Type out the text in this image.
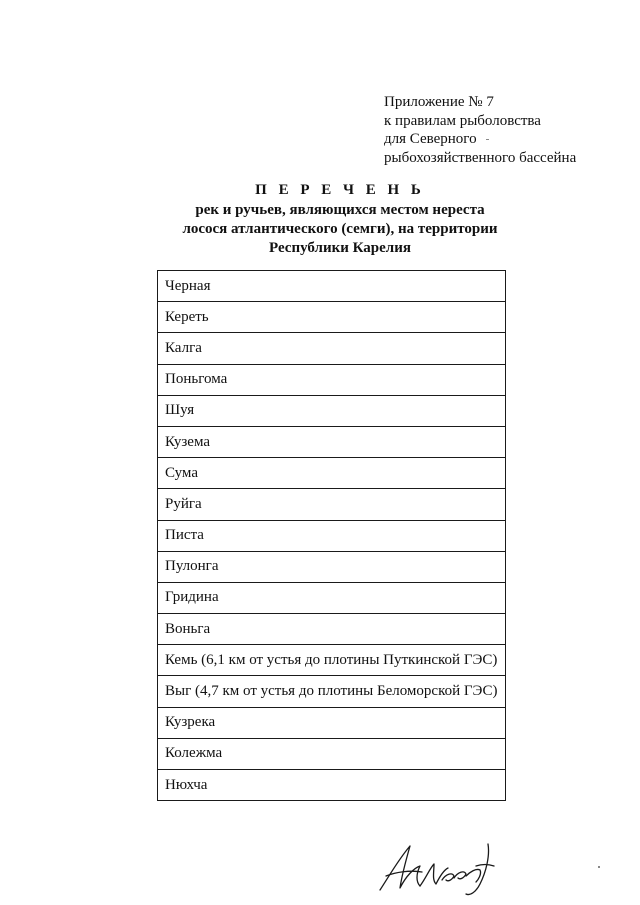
Приложение № 7
к правилам рыболовства
для Северного
рыбохозяйственного бассейна
П Е Р Е Ч Е Н Ь
рек и ручьев, являющихся местом нереста
лосося атлантического (семги), на территории
Республики Карелия
Черная
Кереть
Калга
Поньгома
Шуя
Кузема
Сума
Руйга
Писта
Пулонга
Гридина
Воньга
Кемь (6,1 км от устья до плотины Путкинской ГЭС)
Выг (4,7 км от устья до плотины Беломорской ГЭС)
Кузрека
Колежма
Нюхча
